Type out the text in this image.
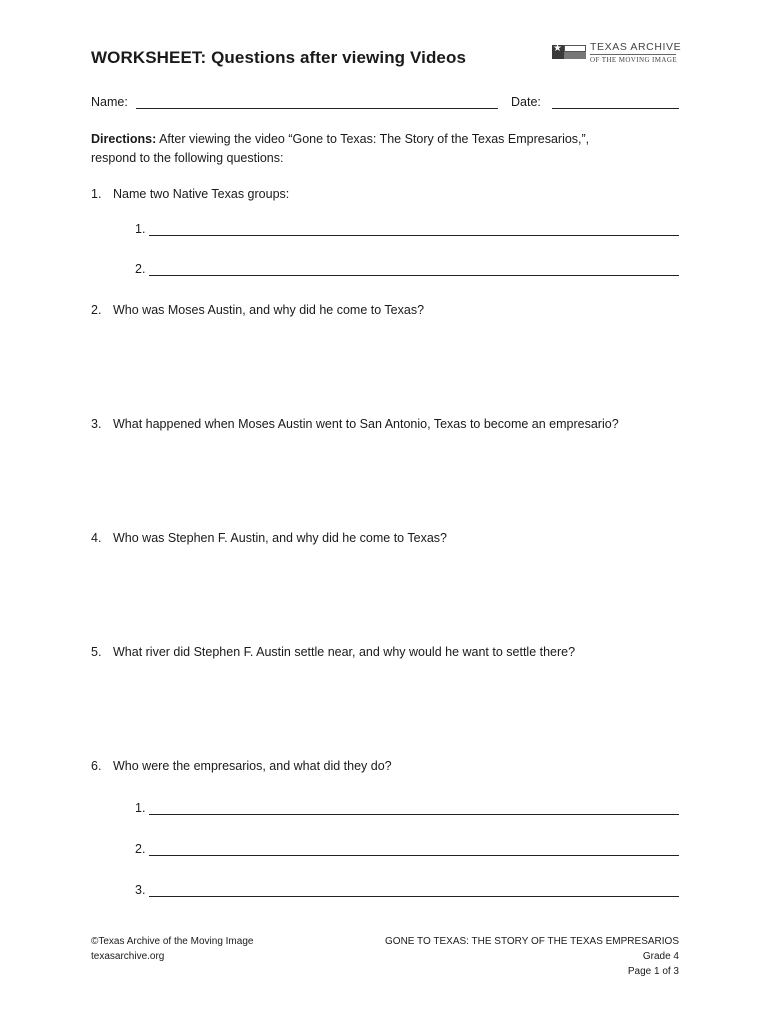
WORKSHEET: Questions after viewing Videos
★
TEXAS ARCHIVE
OF THE MOVING IMAGE
Name:	Date:
Directions: After viewing the video “Gone to Texas: The Story of the Texas Empresarios,”,
respond to the following questions:
1. Name two Native Texas groups:
1.
2.
2. Who was Moses Austin, and why did he come to Texas?
3. What happened when Moses Austin went to San Antonio, Texas to become an empresario?
4. Who was Stephen F. Austin, and why did he come to Texas?
5. What river did Stephen F. Austin settle near, and why would he want to settle there?
6. Who were the empresarios, and what did they do?
1.
2.
3.
©Texas Archive of the Moving Image
texasarchive.org
GONE TO TEXAS: THE STORY OF THE TEXAS EMPRESARIOS
Grade 4
Page 1 of 3
